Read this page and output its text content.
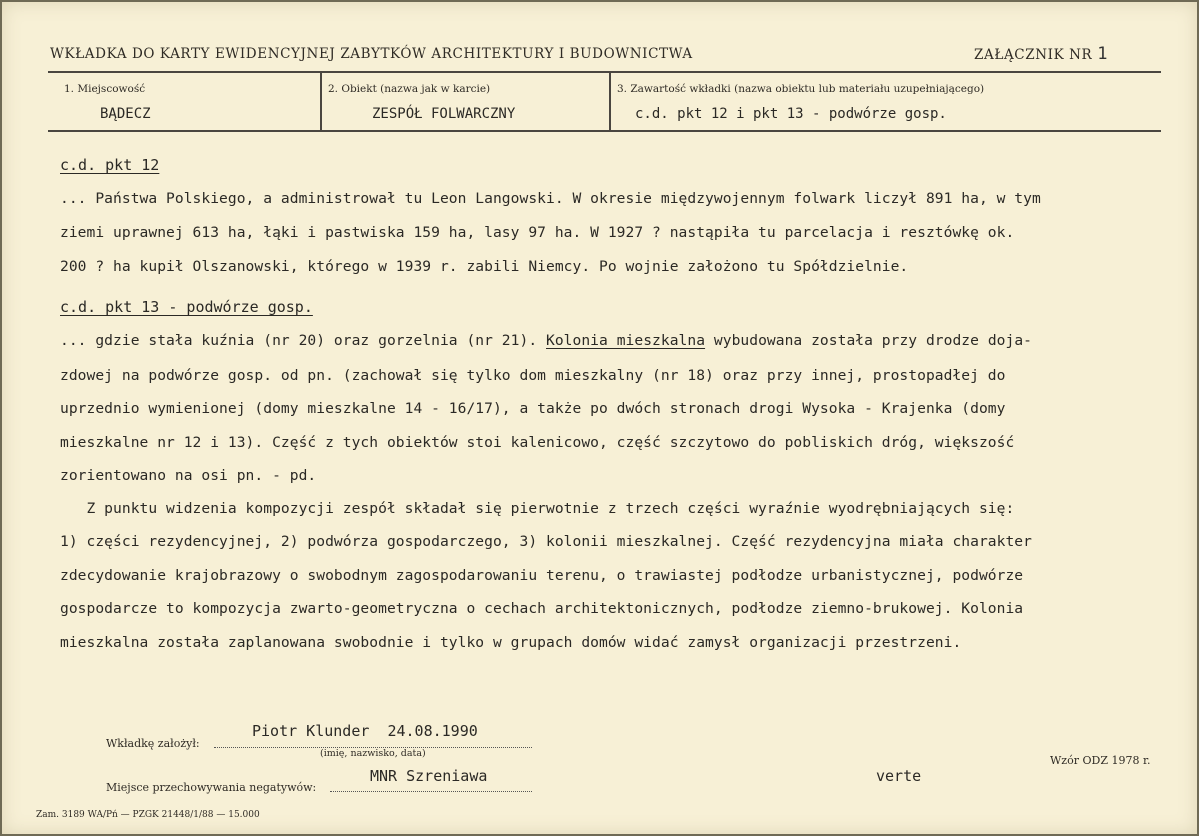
WKŁADKA DO KARTY EWIDENCYJNEJ ZABYTKÓW ARCHITEKTURY I BUDOWNICTWA	ZAŁĄCZNIK NR 1
1. Miejscowość
BĄDECZ
2. Obiekt (nazwa jak w karcie)
ZESPÓŁ FOLWARCZNY
3. Zawartość wkładki (nazwa obiektu lub materiału uzupełniającego)
c.d. pkt 12 i pkt 13 - podwórze gosp.
c.d. pkt 12
... Państwa Polskiego, a administrował tu Leon Langowski. W okresie międzywojennym folwark liczył 891 ha, w tym
ziemi uprawnej 613 ha, łąki i pastwiska 159 ha, lasy 97 ha. W 1927 ? nastąpiła tu parcelacja i resztówkę ok.
200 ? ha kupił Olszanowski, którego w 1939 r. zabili Niemcy. Po wojnie założono tu Spółdzielnie.
c.d. pkt 13 - podwórze gosp.
... gdzie stała kuźnia (nr 20) oraz gorzelnia (nr 21). Kolonia mieszkalna wybudowana została przy drodze doja-
zdowej na podwórze gosp. od pn. (zachował się tylko dom mieszkalny (nr 18) oraz przy innej, prostopadłej do
uprzednio wymienionej (domy mieszkalne 14 - 16/17), a także po dwóch stronach drogi Wysoka - Krajenka (domy
mieszkalne nr 12 i 13). Część z tych obiektów stoi kalenicowo, część szczytowo do pobliskich dróg, większość
zorientowano na osi pn. - pd.
Z punktu widzenia kompozycji zespół składał się pierwotnie z trzech części wyraźnie wyodrębniających się:
1) części rezydencyjnej, 2) podwórza gospodarczego, 3) kolonii mieszkalnej. Część rezydencyjna miała charakter
zdecydowanie krajobrazowy o swobodnym zagospodarowaniu terenu, o trawiastej podłodze urbanistycznej, podwórze
gospodarcze to kompozycja zwarto-geometryczna o cechach architektonicznych, podłodze ziemno-brukowej. Kolonia
mieszkalna została zaplanowana swobodnie i tylko w grupach domów widać zamysł organizacji przestrzeni.
Wkładkę założył:
Piotr Klunder  24.08.1990
(imię, nazwisko, data)
Miejsce przechowywania negatywów:
MNR Szreniawa	verte
Wzór ODZ 1978 r.
Zam. 3189 WA/Pń — PZGK 21448/1/88 — 15.000
